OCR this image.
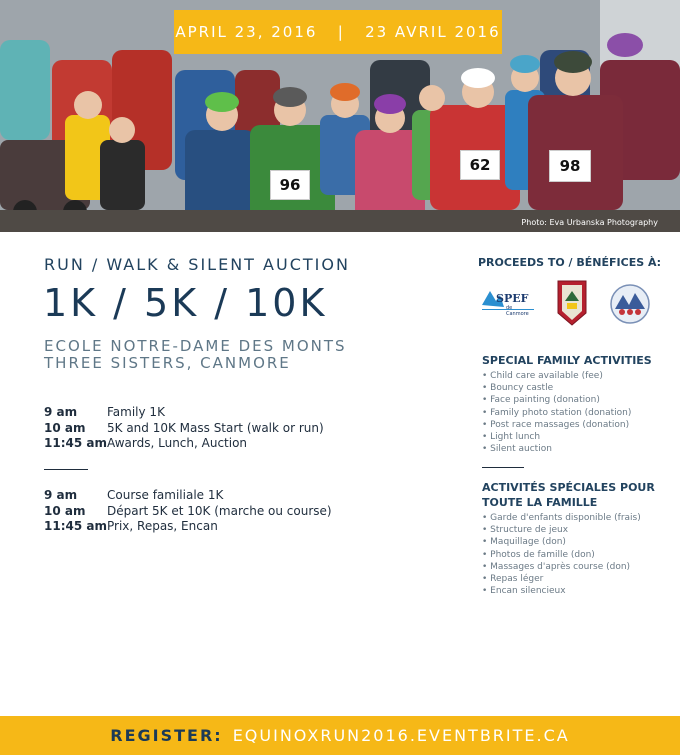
96
62	98
APRIL 23, 2016   |   23 AVRIL 2016
Photo: Eva Urbanska Photography
RUN / WALK & SILENT AUCTION
1K / 5K / 10K
ECOLE NOTRE-DAME DES MONTS
THREE SISTERS, CANMORE
9 am	Family 1K
10 am	5K and 10K Mass Start (walk or run)
11:45 am Awards, Lunch, Auction
9 am	Course familiale 1K
10 am	Départ 5K et 10K (marche ou course)
11:45 am Prix, Repas, Encan
PROCEEDS TO / BÉNÉFICES À:
SPEF
de Canmore
SPECIAL FAMILY ACTIVITIES
• Child care available (fee)
• Bouncy castle
• Face painting (donation)
• Family photo station (donation)
• Post race massages (donation)
• Light lunch
• Silent auction
ACTIVITÉS SPÉCIALES POUR
TOUTE LA FAMILLE
• Garde d'enfants disponible (frais)
• Structure de jeux
• Maquillage (don)
• Photos de famille (don)
• Massages d'après course (don)
• Repas léger
• Encan silencieux
REGISTER: EQUINOXRUN2016.EVENTBRITE.CA
